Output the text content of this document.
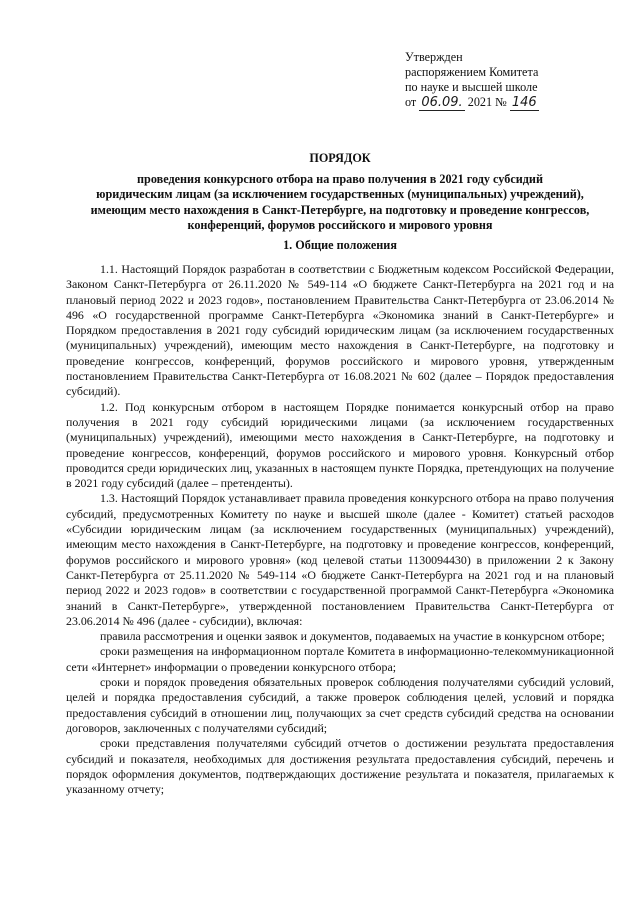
Утвержден
распоряжением Комитета
по науке и высшей школе
от 06.09. 2021 № 146
ПОРЯДОК
проведения конкурсного отбора на право получения в 2021 году субсидий
юридическим лицам (за исключением государственных (муниципальных) учреждений),
имеющим место нахождения в Санкт-Петербурге, на подготовку и проведение конгрессов,
конференций, форумов российского и мирового уровня
1. Общие положения

1.1. Настоящий Порядок разработан в соответствии с Бюджетным кодексом Российской Федерации, Законом Санкт-Петербурга от 26.11.2020 № 549-114 «О бюджете Санкт-Петербурга на 2021 год и на плановый период 2022 и 2023 годов», постановлением Правительства Санкт-Петербурга от 23.06.2014 № 496 «О государственной программе Санкт-Петербурга «Экономика знаний в Санкт-Петербурге» и Порядком предоставления в 2021 году субсидий юридическим лицам (за исключением государственных (муниципальных) учреждений), имеющим место нахождения в Санкт-Петербурге, на подготовку и проведение конгрессов, конференций, форумов российского и мирового уровня, утвержденным постановлением Правительства Санкт-Петербурга от 16.08.2021 № 602 (далее – Порядок предоставления субсидий).

1.2. Под конкурсным отбором в настоящем Порядке понимается конкурсный отбор на право получения в 2021 году субсидий юридическими лицами (за исключением государственных (муниципальных) учреждений), имеющими место нахождения в Санкт-Петербурге, на подготовку и проведение конгрессов, конференций, форумов российского и мирового уровня. Конкурсный отбор проводится среди юридических лиц, указанных в настоящем пункте Порядка, претендующих на получение в 2021 году субсидий (далее – претенденты).

1.3. Настоящий Порядок устанавливает правила проведения конкурсного отбора на право получения субсидий, предусмотренных Комитету по науке и высшей школе (далее - Комитет) статьей расходов «Субсидии юридическим лицам (за исключением государственных (муниципальных) учреждений), имеющим место нахождения в Санкт-Петербурге, на подготовку и проведение конгрессов, конференций, форумов российского и мирового уровня» (код целевой статьи 1130094430) в приложении 2 к Закону Санкт-Петербурга от 25.11.2020 № 549-114 «О бюджете Санкт-Петербурга на 2021 год и на плановый период 2022 и 2023 годов» в соответствии с государственной программой Санкт-Петербурга «Экономика знаний в Санкт-Петербурге», утвержденной постановлением Правительства Санкт-Петербурга от 23.06.2014 № 496 (далее - субсидии), включая:

правила рассмотрения и оценки заявок и документов, подаваемых на участие в конкурсном отборе;

сроки размещения на информационном портале Комитета в информационно-телекоммуникационной сети «Интернет» информации о проведении конкурсного отбора;

сроки и порядок проведения обязательных проверок соблюдения получателями субсидий условий, целей и порядка предоставления субсидий, а также проверок соблюдения целей, условий и порядка предоставления субсидий в отношении лиц, получающих за счет средств субсидий средства на основании договоров, заключенных с получателями субсидий;

сроки представления получателями субсидий отчетов о достижении результата предоставления субсидий и показателя, необходимых для достижения результата предоставления субсидий, перечень и порядок оформления документов, подтверждающих достижение результата и показателя, прилагаемых к указанному отчету;
